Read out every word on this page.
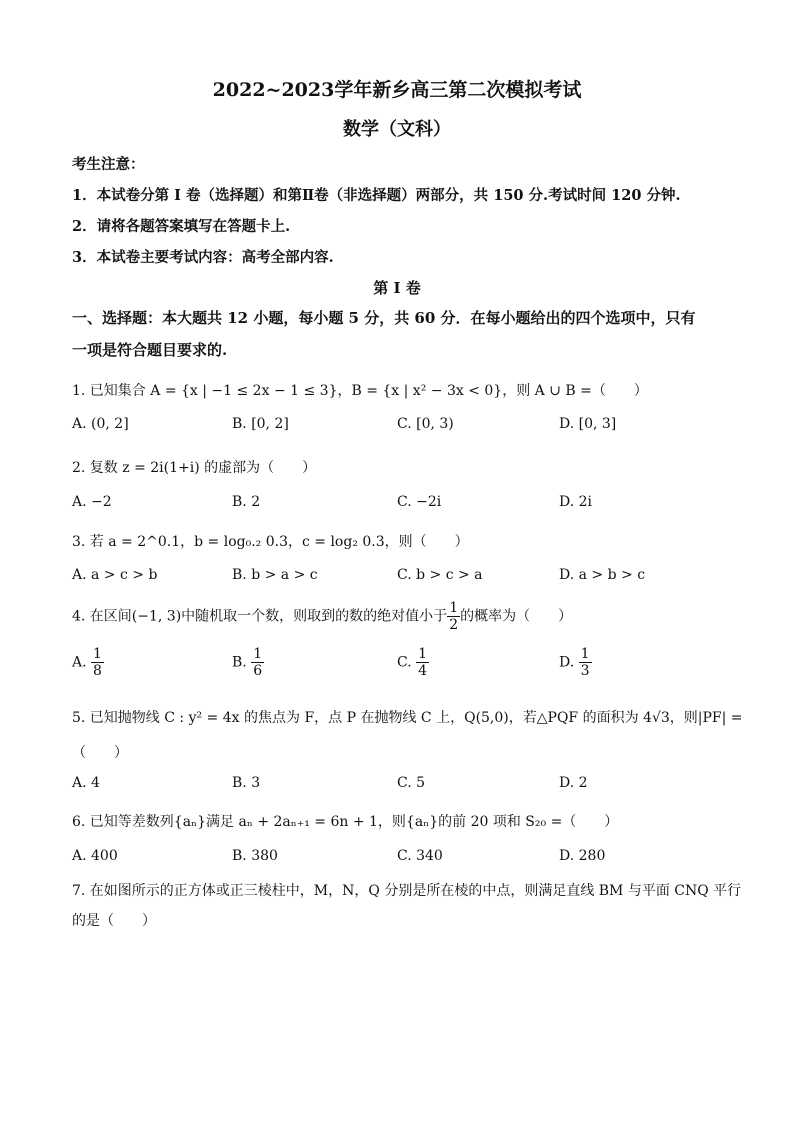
2022~2023学年新乡高三第二次模拟考试
数学（文科）
考生注意：
1．本试卷分第 I 卷（选择题）和第Ⅱ卷（非选择题）两部分，共 150 分.考试时间 120 分钟.
2．请将各题答案填写在答题卡上.
3．本试卷主要考试内容：高考全部内容.
第 I 卷
一、选择题：本大题共 12 小题，每小题 5 分，共 60 分．在每小题给出的四个选项中，只有
一项是符合题目要求的.
1. 已知集合 A = {x | −1 ≤ 2x − 1 ≤ 3}，B = {x | x² − 3x < 0}，则 A ∪ B =（　　）
A. (0, 2]	B. [0, 2]	C. [0, 3)	D. [0, 3]
2. 复数 z = 2i(1+i) 的虚部为（　　）
A. −2	B. 2	C. −2i	D. 2i
3. 若 a = 2^0.1，b = log₀.₂ 0.3，c = log₂ 0.3，则（　　）
A. a > c > b	B. b > a > c	C. b > c > a	D. a > b > c
4. 在区间(−1, 3)中随机取一个数，则取到的数的绝对值小于 $\frac{1}{2}$ 的概率为（　　）
A. $\frac{1}{8}$	B. $\frac{1}{6}$	C. $\frac{1}{4}$	D. $\frac{1}{3}$
5. 已知抛物线 C : y² = 4x 的焦点为 F，点 P 在抛物线 C 上，Q(5,0)，若△PQF 的面积为 4√3，则|PF| =
（　　）
A. 4	B. 3	C. 5	D. 2
6. 已知等差数列{aₙ}满足 aₙ + 2aₙ₊₁ = 6n + 1，则{aₙ}的前 20 项和 S₂₀ =（　　）
A. 400	B. 380	C. 340	D. 280
7. 在如图所示的正方体或正三棱柱中，M，N，Q 分别是所在棱的中点，则满足直线 BM 与平面 CNQ 平行
的是（　　）
